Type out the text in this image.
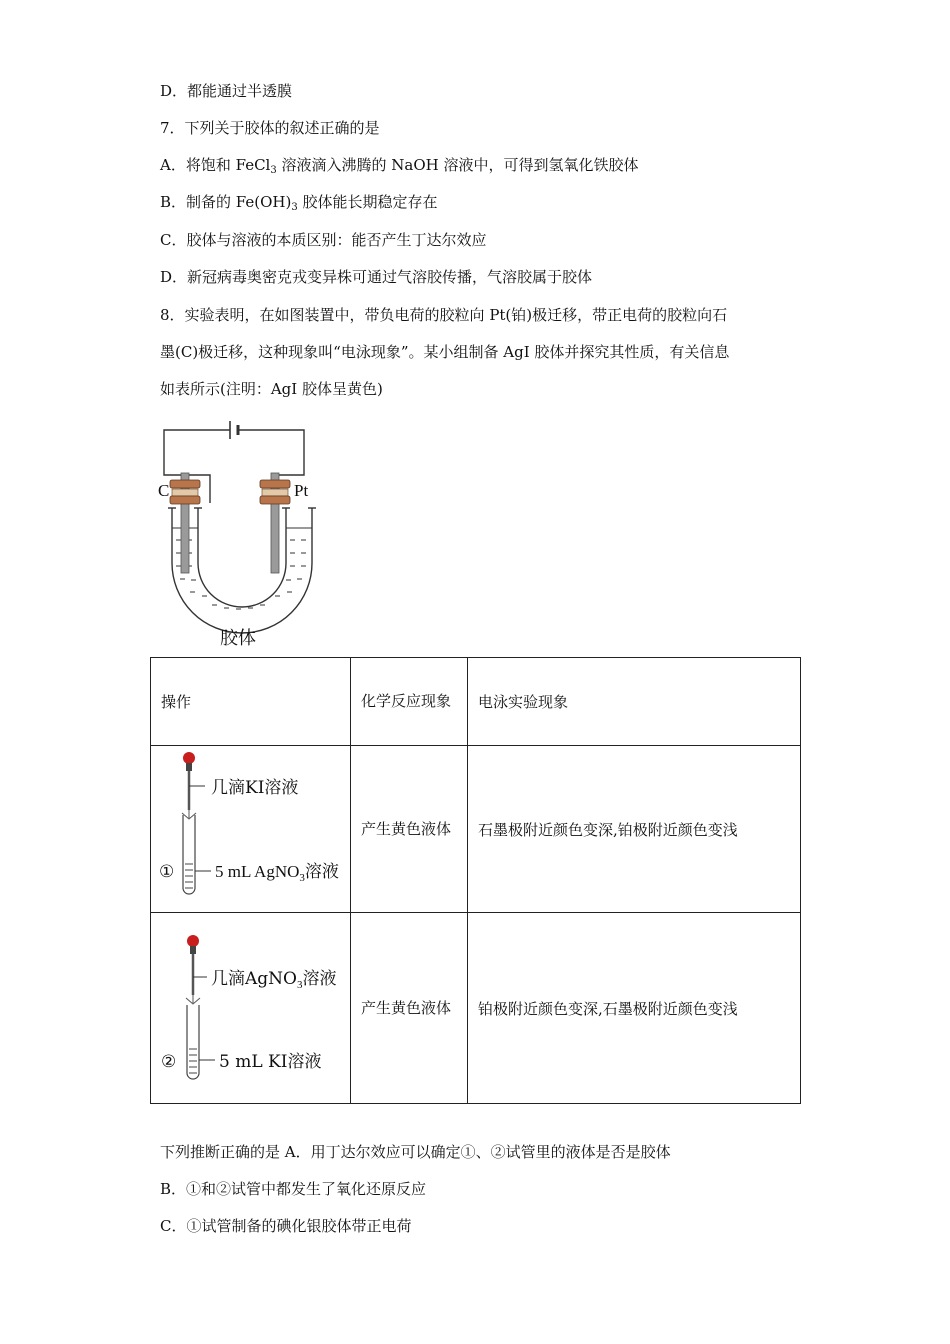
D．都能通过半透膜
7．下列关于胶体的叙述正确的是
A．将饱和 FeCl$_3$ 溶液滴入沸腾的 NaOH 溶液中，可得到氢氧化铁胶体
B．制备的 $Fe(OH)_3$ 胶体能长期稳定存在
C．胶体与溶液的本质区别：能否产生丁达尔效应
D．新冠病毒奥密克戎变异株可通过气溶胶传播，气溶胶属于胶体
8．实验表明，在如图装置中，带负电荷的胶粒向 Pt(铂)极迁移，带正电荷的胶粒向石
墨(C)极迁移，这种现象叫“电泳现象”。某小组制备 AgI 胶体并探究其性质，有关信息
如表所示(注明：AgI 胶体呈黄色)
C	Pt
胶体
操作	化学反应现象	电泳实验现象

几滴KI溶液
① 5 mL AgNO$_3$溶液	产生黄色液体	石墨极附近颜色变深,铂极附近颜色变浅

几滴AgNO$_3$溶液
② 5 mL KI溶液	产生黄色液体	铂极附近颜色变深,石墨极附近颜色变浅
下列推断正确的是 A．用丁达尔效应可以确定①、②试管里的液体是否是胶体
B．①和②试管中都发生了氧化还原反应
C．①试管制备的碘化银胶体带正电荷
